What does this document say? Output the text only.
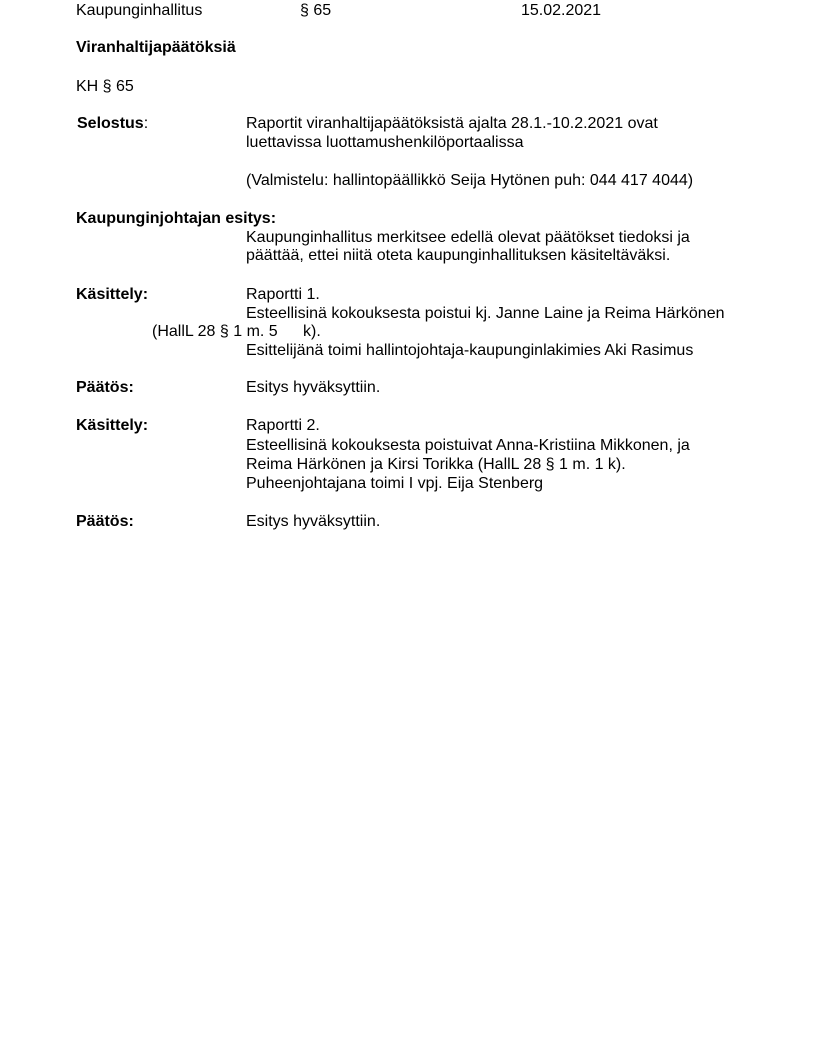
Kaupunginhallitus	§ 65	15.02.2021
Viranhaltijapäätöksiä
KH § 65
Selostus:	Raportit viranhaltijapäätöksistä ajalta 28.1.-10.2.2021 ovat
luettavissa luottamushenkilöportaalissa
(Valmistelu: hallintopäällikkö Seija Hytönen puh: 044 417 4044)
Kaupunginjohtajan esitys:
Kaupunginhallitus merkitsee edellä olevat päätökset tiedoksi ja
päättää, ettei niitä oteta kaupunginhallituksen käsiteltäväksi.
Käsittely:	Raportti 1.
Esteellisinä kokouksesta poistui kj. Janne Laine ja Reima Härkönen
(HallL 28 § 1 m. 5 k).
Esittelijänä toimi hallintojohtaja-kaupunginlakimies Aki Rasimus
Päätös:	Esitys hyväksyttiin.
Käsittely:	Raportti 2.
Esteellisinä kokouksesta poistuivat Anna-Kristiina Mikkonen, ja
Reima Härkönen ja Kirsi Torikka (HallL 28 § 1 m. 1 k).
Puheenjohtajana toimi I vpj. Eija Stenberg
Päätös:	Esitys hyväksyttiin.
